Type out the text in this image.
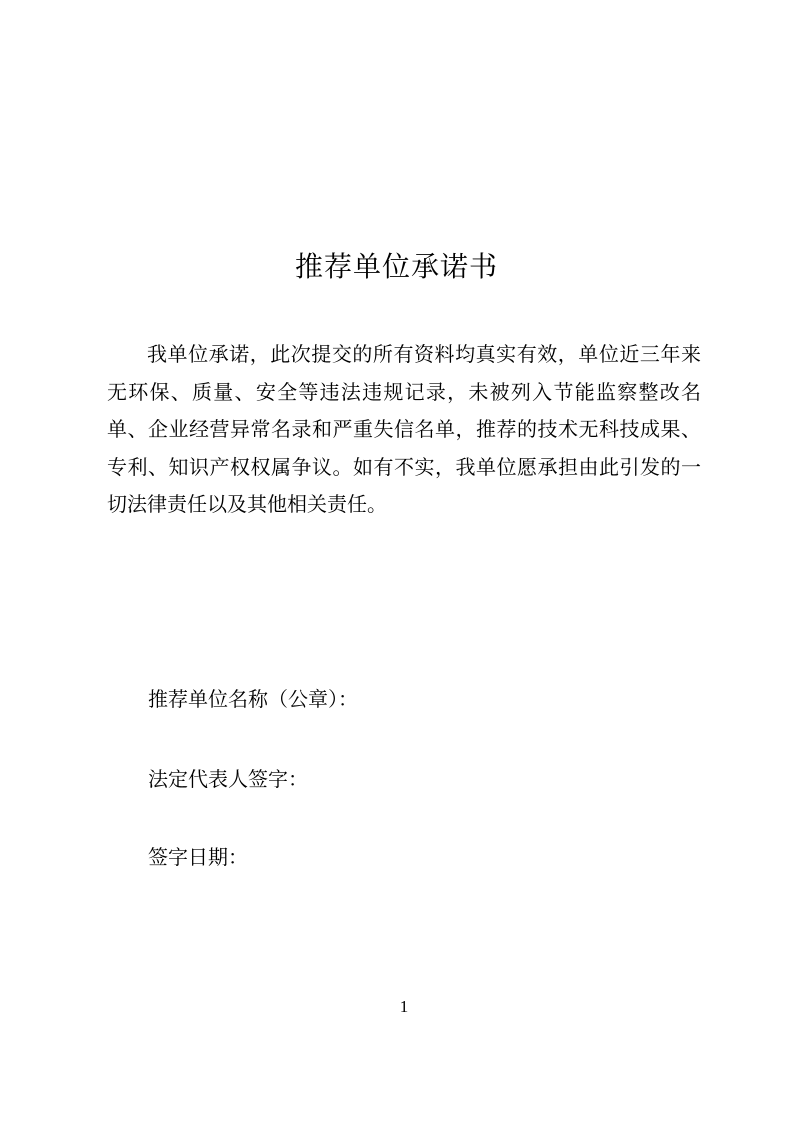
推荐单位承诺书

我单位承诺，此次提交的所有资料均真实有效，单位近三年来无环保、质量、安全等违法违规记录，未被列入节能监察整改名单、企业经营异常名录和严重失信名单，推荐的技术无科技成果、专利、知识产权权属争议。如有不实，我单位愿承担由此引发的一切法律责任以及其他相关责任。

推荐单位名称（公章）：

法定代表人签字：

签字日期：

1
